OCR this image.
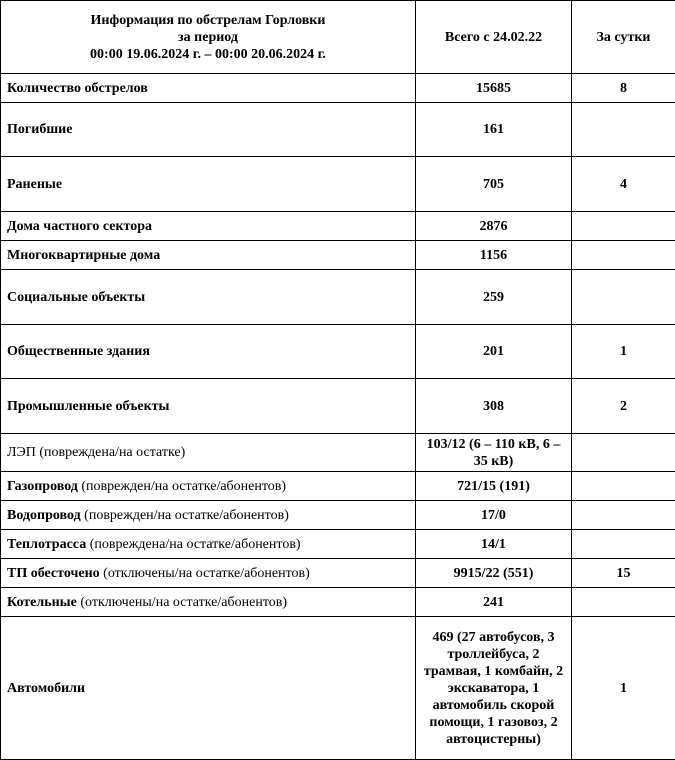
Информация по обстрелам Горловки
за период
00:00 19.06.2024 г. – 00:00 20.06.2024 г.	Всего с 24.02.22	За сутки
Количество обстрелов	15685	8
Погибшие	161	
Раненые	705	4
Дома частного сектора	2876	
Многоквартирные дома	1156	
Социальные объекты	259	
Общественные здания	201	1
Промышленные объекты	308	2
ЛЭП (повреждена/на остатке)	103/12 (6 – 110 кВ, 6 – 35 кВ)	
Газопровод (поврежден/на остатке/абонентов)	721/15 (191)	
Водопровод (поврежден/на остатке/абонентов)	17/0	
Теплотрасса (повреждена/на остатке/абонентов)	14/1	
ТП обесточено (отключены/на остатке/абонентов)	9915/22 (551)	15
Котельные (отключены/на остатке/абонентов)	241	
Автомобили	469 (27 автобусов, 3 троллейбуса, 2 трамвая, 1 комбайн, 2 экскаватора, 1 автомобиль скорой помощи, 1 газовоз, 2 автоцистерны)	1
